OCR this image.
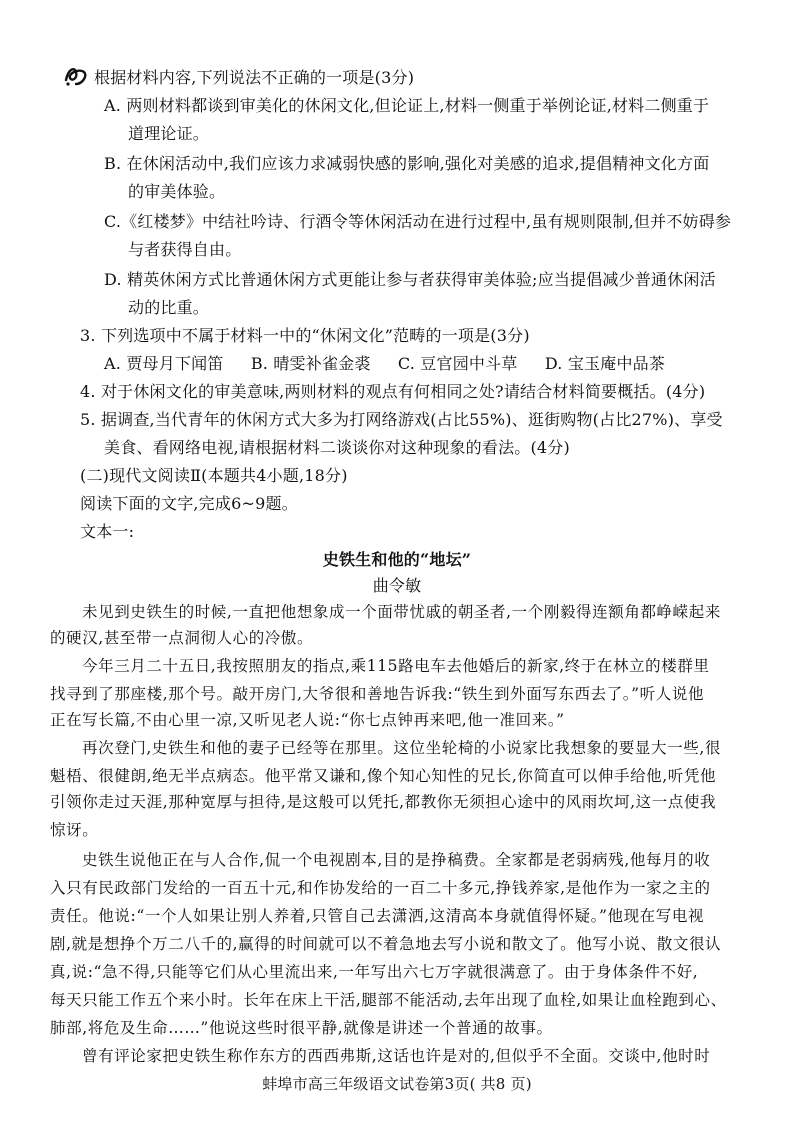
根据材料内容,下列说法不正确的一项是(3分)
A. 两则材料都谈到审美化的休闲文化,但论证上,材料一侧重于举例论证,材料二侧重于
道理论证。
B. 在休闲活动中,我们应该力求减弱快感的影响,强化对美感的追求,提倡精神文化方面
的审美体验。
C.《红楼梦》中结社吟诗、行酒令等休闲活动在进行过程中,虽有规则限制,但并不妨碍参
与者获得自由。
D. 精英休闲方式比普通休闲方式更能让参与者获得审美体验;应当提倡减少普通休闲活
动的比重。
3. 下列选项中不属于材料一中的“休闲文化”范畴的一项是(3分)
A. 贾母月下闻笛 B. 晴雯补雀金裘 C. 豆官园中斗草 D. 宝玉庵中品茶
4. 对于休闲文化的审美意味,两则材料的观点有何相同之处?请结合材料简要概括。(4分)
5. 据调查,当代青年的休闲方式大多为打网络游戏(占比55%)、逛街购物(占比27%)、享受
美食、看网络电视,请根据材料二谈谈你对这种现象的看法。(4分)
(二)现代文阅读Ⅱ(本题共4小题,18分)
阅读下面的文字,完成6~9题。
文本一:
史铁生和他的“地坛”
曲令敏
未见到史铁生的时候,一直把他想象成一个面带忧戚的朝圣者,一个刚毅得连额角都峥嵘起来
的硬汉,甚至带一点洞彻人心的冷傲。
今年三月二十五日,我按照朋友的指点,乘115路电车去他婚后的新家,终于在林立的楼群里
找寻到了那座楼,那个号。敲开房门,大爷很和善地告诉我:“铁生到外面写东西去了。”听人说他
正在写长篇,不由心里一凉,又听见老人说:“你七点钟再来吧,他一准回来。”
再次登门,史铁生和他的妻子已经等在那里。这位坐轮椅的小说家比我想象的要显大一些,很
魁梧、很健朗,绝无半点病态。他平常又谦和,像个知心知性的兄长,你简直可以伸手给他,听凭他
引领你走过天涯,那种宽厚与担待,是这般可以凭托,都教你无须担心途中的风雨坎坷,这一点使我
惊讶。
史铁生说他正在与人合作,侃一个电视剧本,目的是挣稿费。全家都是老弱病残,他每月的收
入只有民政部门发给的一百五十元,和作协发给的一百二十多元,挣钱养家,是他作为一家之主的
责任。他说:“一个人如果让别人养着,只管自己去潇洒,这清高本身就值得怀疑。”他现在写电视
剧,就是想挣个万二八千的,赢得的时间就可以不着急地去写小说和散文了。他写小说、散文很认
真,说:“急不得,只能等它们从心里流出来,一年写出六七万字就很满意了。由于身体条件不好,
每天只能工作五个来小时。长年在床上干活,腿部不能活动,去年出现了血栓,如果让血栓跑到心、
肺部,将危及生命……”他说这些时很平静,就像是讲述一个普通的故事。
曾有评论家把史铁生称作东方的西西弗斯,这话也许是对的,但似乎不全面。交谈中,他时时
蚌埠市高三年级语文试卷第3页( 共8 页)
